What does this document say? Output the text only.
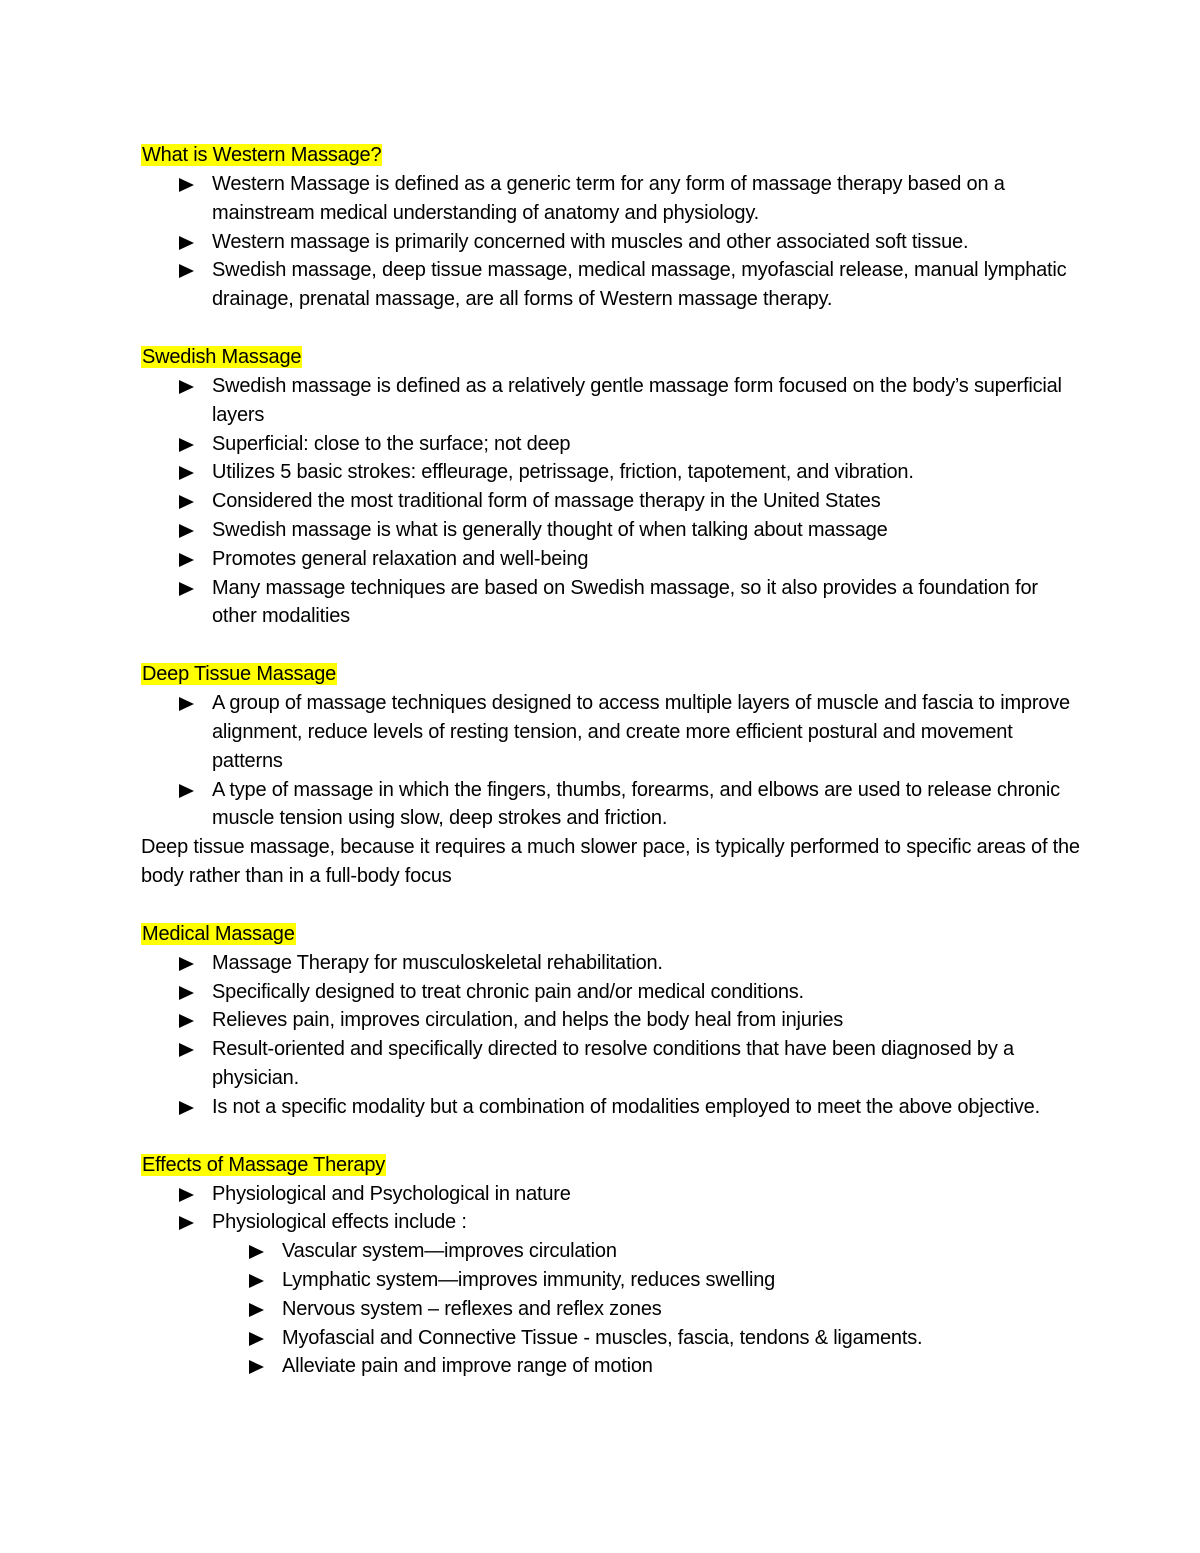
What is Western Massage?
Western Massage is defined as a generic term for any form of massage therapy based on a mainstream medical understanding of anatomy and physiology.
Western massage is primarily concerned with muscles and other associated soft tissue.
Swedish massage, deep tissue massage, medical massage, myofascial release, manual lymphatic drainage, prenatal massage, are all forms of Western massage therapy.
Swedish Massage
Swedish massage is defined as a relatively gentle massage form focused on the body’s superficial layers
Superficial: close to the surface; not deep
Utilizes 5 basic strokes: effleurage, petrissage, friction, tapotement, and vibration.
Considered the most traditional form of massage therapy in the United States
Swedish massage is what is generally thought of when talking about massage
Promotes general relaxation and well-being
Many massage techniques are based on Swedish massage, so it also provides a foundation for other modalities
Deep Tissue Massage
A group of massage techniques designed to access multiple layers of muscle and fascia to improve alignment, reduce levels of resting tension, and create more efficient postural and movement patterns
A type of massage in which the fingers, thumbs, forearms, and elbows are used to release chronic muscle tension using slow, deep strokes and friction.
Deep tissue massage, because it requires a much slower pace, is typically performed to specific areas of the body rather than in a full-body focus
Medical Massage
Massage Therapy for musculoskeletal rehabilitation.
Specifically designed to treat chronic pain and/or medical conditions.
Relieves pain, improves circulation, and helps the body heal from injuries
Result-oriented and specifically directed to resolve conditions that have been diagnosed by a physician.
Is not a specific modality but a combination of modalities employed to meet the above objective.
Effects of Massage Therapy
Physiological and Psychological in nature
Physiological effects include :
Vascular system—improves circulation
Lymphatic system—improves immunity, reduces swelling
Nervous system – reflexes and reflex zones
Myofascial and Connective Tissue - muscles, fascia, tendons & ligaments.
Alleviate pain and improve range of motion
